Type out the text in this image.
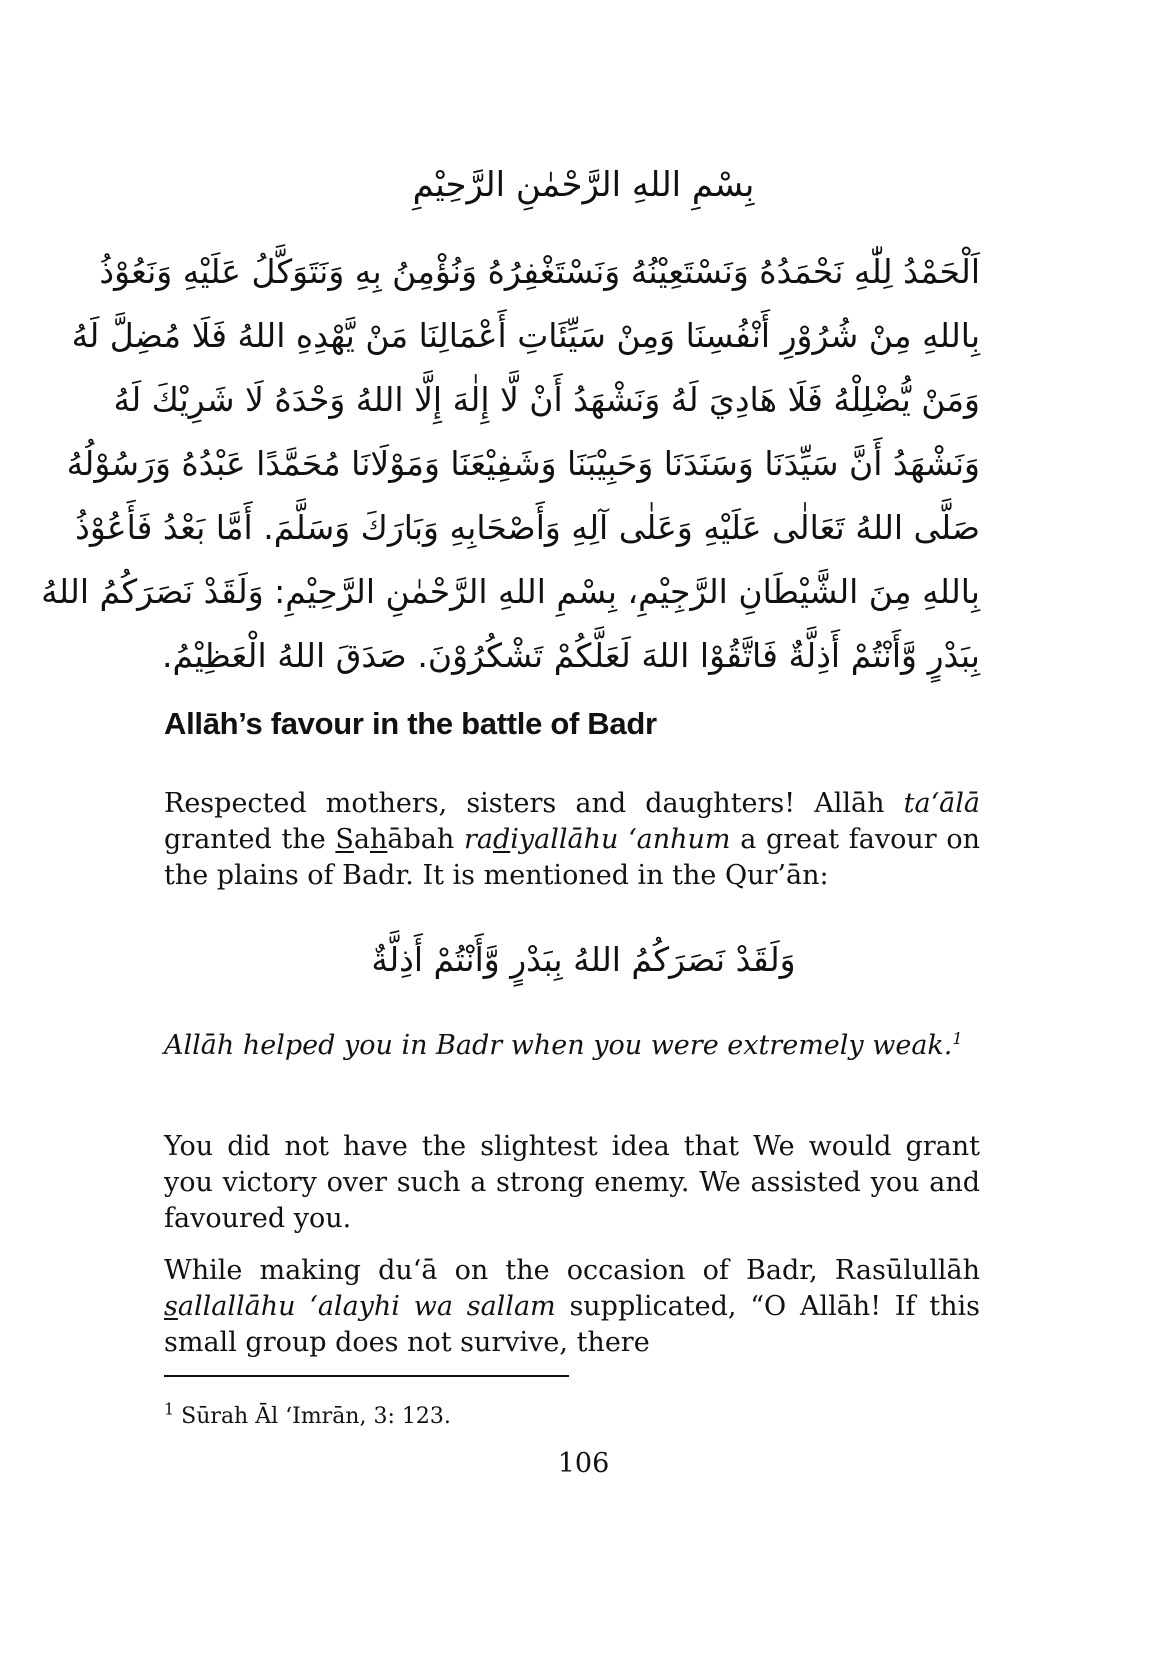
بِسْمِ اللهِ الرَّحْمٰنِ الرَّحِيْمِ
اَلْحَمْدُ لِلّٰهِ نَحْمَدُهُ وَنَسْتَعِيْنُهُ وَنَسْتَغْفِرُهُ وَنُؤْمِنُ بِهِ وَنَتَوَكَّلُ عَلَيْهِ وَنَعُوْذُ
بِاللهِ مِنْ شُرُوْرِ أَنْفُسِنَا وَمِنْ سَيِّئَاتِ أَعْمَالِنَا مَنْ يَّهْدِهِ اللهُ فَلَا مُضِلَّ لَهُ
وَمَنْ يُّضْلِلْهُ فَلَا هَادِيَ لَهُ وَنَشْهَدُ أَنْ لَّا إِلٰهَ إِلَّا اللهُ وَحْدَهُ لَا شَرِيْكَ لَهُ
وَنَشْهَدُ أَنَّ سَيِّدَنَا وَسَنَدَنَا وَحَبِيْبَنَا وَشَفِيْعَنَا وَمَوْلَانَا مُحَمَّدًا عَبْدُهُ وَرَسُوْلُهُ
صَلَّى اللهُ تَعَالٰى عَلَيْهِ وَعَلٰى آلِهِ وَأَصْحَابِهِ وَبَارَكَ وَسَلَّمَ. أَمَّا بَعْدُ فَأَعُوْذُ
بِاللهِ مِنَ الشَّيْطَانِ الرَّجِيْمِ، بِسْمِ اللهِ الرَّحْمٰنِ الرَّحِيْمِ: وَلَقَدْ نَصَرَكُمُ اللهُ
بِبَدْرٍ وَّأَنْتُمْ أَذِلَّةٌ فَاتَّقُوْا اللهَ لَعَلَّكُمْ تَشْكُرُوْنَ. صَدَقَ اللهُ الْعَظِيْمُ.
Allāh’s favour in the battle of Badr

Respected mothers, sisters and daughters! Allāh ta‘ālā granted the Sahābah radiyallāhu ‘anhum a great favour on the plains of Badr. It is mentioned in the Qur’ān:

وَلَقَدْ نَصَرَكُمُ اللهُ بِبَدْرٍ وَّأَنْتُمْ أَذِلَّةٌ

Allāh helped you in Badr when you were extremely weak.$^1$

You did not have the slightest idea that We would grant you victory over such a strong enemy. We assisted you and favoured you.

While making du‘ā on the occasion of Badr, Rasūlullāh sallallāhu ‘alayhi wa sallam supplicated, “O Allāh! If this small group does not survive, there

$^1$ Sūrah Āl ‘Imrān, 3: 123.
106
